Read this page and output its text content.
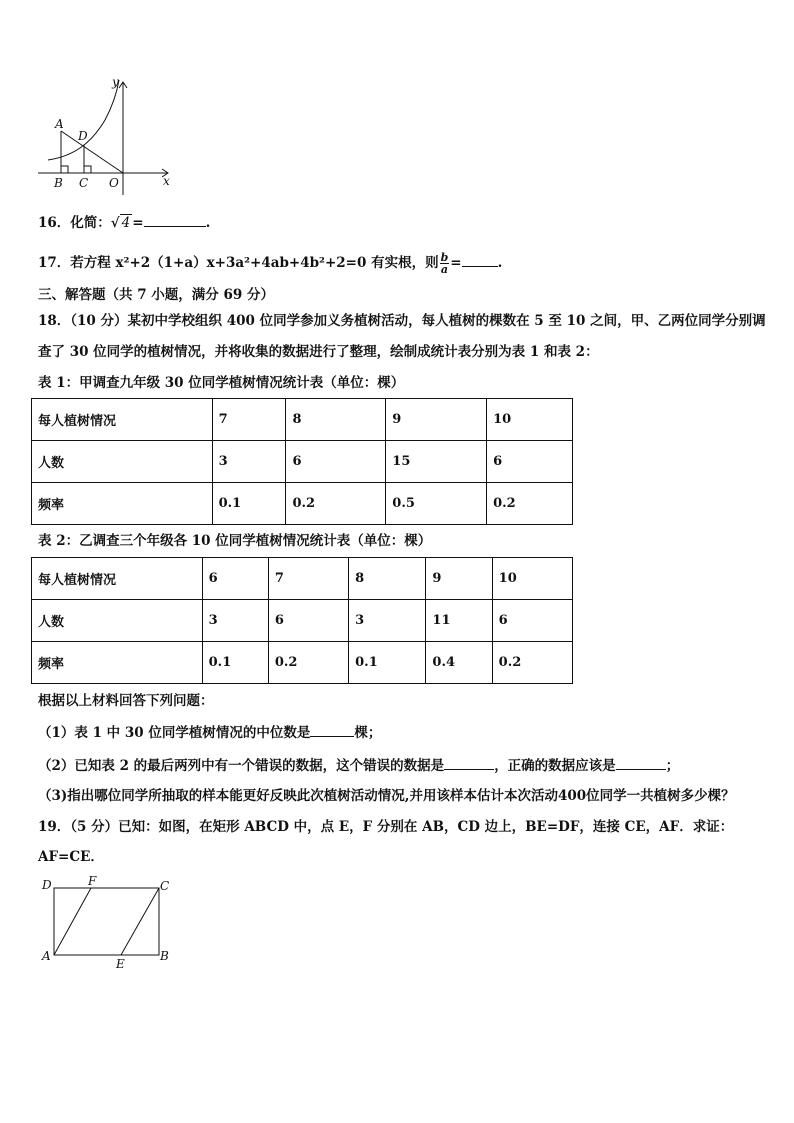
y
x
A
D
B C O
16．化简：√ 4 =	.
17．若方程 x²+2（1+a）x+3a²+4ab+4b²+2=0 有实根，则 $\frac{b}{a}$ =	.
三、解答题（共 7 小题，满分 69 分）
18．（10 分）某初中学校组织 400 位同学参加义务植树活动，每人植树的棵数在 5 至 10 之间，甲、乙两位同学分别调
查了 30 位同学的植树情况，并将收集的数据进行了整理，绘制成统计表分别为表 1 和表 2：
表 1：甲调查九年级 30 位同学植树情况统计表（单位：棵）
每人植树情况	7	8	9	10
人数	3	6	15	6
频率	0.1	0.2	0.5	0.2
表 2：乙调查三个年级各 10 位同学植树情况统计表（单位：棵）
每人植树情况	6	7	8	9	10
人数	3	6	3	11	6
频率	0.1	0.2	0.1	0.4	0.2
根据以上材料回答下列问题：
（1）表 1 中 30 位同学植树情况的中位数是	棵；
（2）已知表 2 的最后两列中有一个错误的数据，这个错误的数据是	，正确的数据应该是	；
（3)指出哪位同学所抽取的样本能更好反映此次植树活动情况,并用该样本估计本次活动400位同学一共植树多少棵？
19．（5 分）已知：如图，在矩形 ABCD 中，点 E，F 分别在 AB，CD 边上，BE=DF，连接 CE，AF．求证：
AF=CE．
D	F	C
A
E
B
